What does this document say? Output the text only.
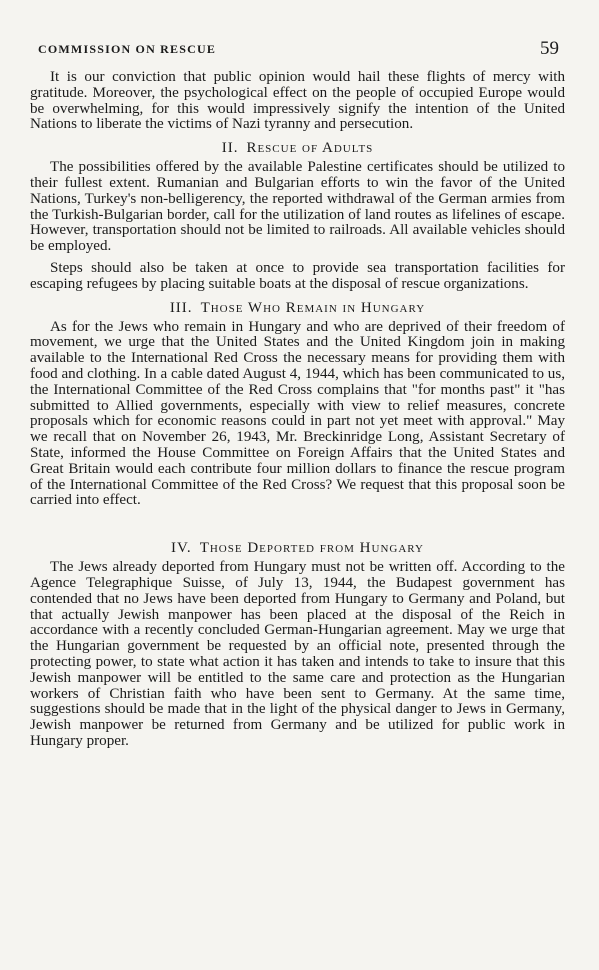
COMMISSION ON RESCUE	59

It is our conviction that public opinion would hail these flights of mercy with gratitude. Moreover, the psychological effect on the people of occupied Europe would be overwhelming, for this would impressively signify the intention of the United Nations to liberate the victims of Nazi tyranny and persecution.

II. Rescue of Adults

The possibilities offered by the available Palestine certificates should be utilized to their fullest extent. Rumanian and Bulgarian efforts to win the favor of the United Nations, Turkey's non-belligerency, the reported withdrawal of the German armies from the Turkish-Bulgarian border, call for the utilization of land routes as lifelines of escape. However, transportation should not be limited to railroads. All available vehicles should be employed.

Steps should also be taken at once to provide sea transportation facilities for escaping refugees by placing suitable boats at the disposal of rescue organizations.

III. Those Who Remain in Hungary

As for the Jews who remain in Hungary and who are deprived of their freedom of movement, we urge that the United States and the United Kingdom join in making available to the International Red Cross the necessary means for providing them with food and clothing. In a cable dated August 4, 1944, which has been communicated to us, the International Committee of the Red Cross complains that "for months past" it "has submitted to Allied governments, especially with view to relief measures, concrete proposals which for economic reasons could in part not yet meet with approval." May we recall that on November 26, 1943, Mr. Breckinridge Long, Assistant Secretary of State, informed the House Committee on Foreign Affairs that the United States and Great Britain would each contribute four million dollars to finance the rescue program of the International Committee of the Red Cross? We request that this proposal soon be carried into effect.

IV. Those Deported from Hungary

The Jews already deported from Hungary must not be written off. According to the Agence Telegraphique Suisse, of July 13, 1944, the Budapest government has contended that no Jews have been deported from Hungary to Germany and Poland, but that actually Jewish manpower has been placed at the disposal of the Reich in accordance with a recently concluded German-Hungarian agreement. May we urge that the Hungarian government be requested by an official note, presented through the protecting power, to state what action it has taken and intends to take to insure that this Jewish manpower will be entitled to the same care and protection as the Hungarian workers of Christian faith who have been sent to Germany. At the same time, suggestions should be made that in the light of the physical danger to Jews in Germany, Jewish manpower be returned from Germany and be utilized for public work in Hungary proper.
